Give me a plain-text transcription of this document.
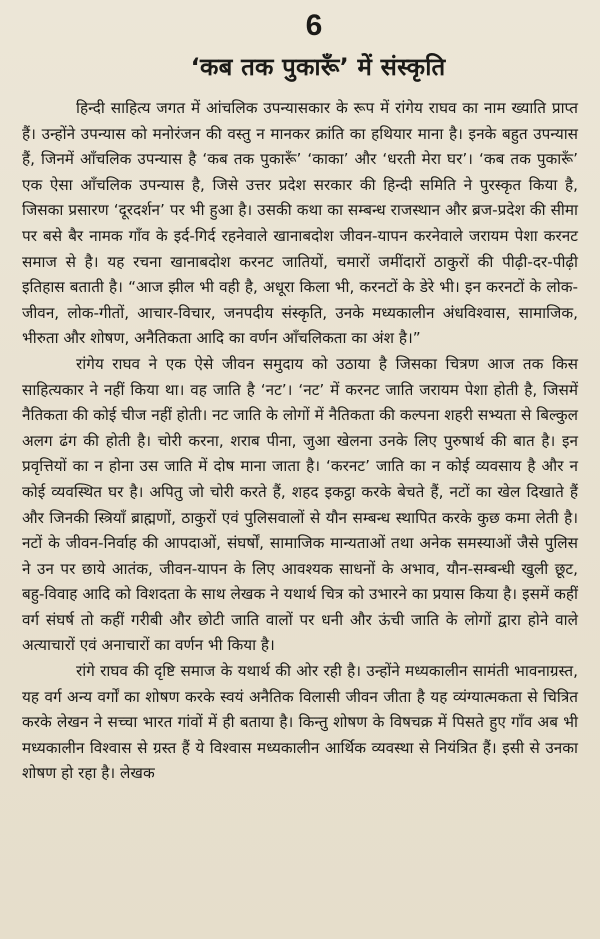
6
‘कब तक पुकारूँ’ में संस्कृति

हिन्दी साहित्य जगत में आंचलिक उपन्यासकार के रूप में रांगेय राघव का नाम ख्याति प्राप्त हैं। उन्होंने उपन्यास को मनोरंजन की वस्तु न मानकर क्रांति का हथियार माना है। इनके बहुत उपन्यास हैं, जिनमें आँचलिक उपन्यास है ‘कब तक पुकारूँ’ ‘काका’ और ‘धरती मेरा घर’। ‘कब तक पुकारूँ’ एक ऐसा आँचलिक उपन्यास है, जिसे उत्तर प्रदेश सरकार की हिन्दी समिति ने पुरस्कृत किया है, जिसका प्रसारण ‘दूरदर्शन’ पर भी हुआ है। उसकी कथा का सम्बन्ध राजस्थान और ब्रज-प्रदेश की सीमा पर बसे बैर नामक गाँव के इर्द-गिर्द रहनेवाले खानाबदोश जीवन-यापन करनेवाले जरायम पेशा करनट समाज से है। यह रचना खानाबदोश करनट जातियों, चमारों जमींदारों ठाकुरों की पीढ़ी-दर-पीढ़ी इतिहास बताती है। “आज झील भी वही है, अधूरा किला भी, करनटों के डेरे भी। इन करनटों के लोक-जीवन, लोक-गीतों, आचार-विचार, जनपदीय संस्कृति, उनके मध्यकालीन अंधविश्वास, सामाजिक, भीरुता और शोषण, अनैतिकता आदि का वर्णन आँचलिकता का अंश है।”

रांगेय राघव ने एक ऐसे जीवन समुदाय को उठाया है जिसका चित्रण आज तक किस साहित्यकार ने नहीं किया था। वह जाति है ‘नट’। ‘नट’ में करनट जाति जरायम पेशा होती है, जिसमें नैतिकता की कोई चीज नहीं होती। नट जाति के लोगों में नैतिकता की कल्पना शहरी सभ्यता से बिल्कुल अलग ढंग की होती है। चोरी करना, शराब पीना, जुआ खेलना उनके लिए पुरुषार्थ की बात है। इन प्रवृत्तियों का न होना उस जाति में दोष माना जाता है। ‘करनट’ जाति का न कोई व्यवसाय है और न कोई व्यवस्थित घर है। अपितु जो चोरी करते हैं, शहद इकट्ठा करके बेचते हैं, नटों का खेल दिखाते हैं और जिनकी स्त्रियाँ ब्राह्मणों, ठाकुरों एवं पुलिसवालों से यौन सम्बन्ध स्थापित करके कुछ कमा लेती है। नटों के जीवन-निर्वाह की आपदाओं, संघर्षों, सामाजिक मान्यताओं तथा अनेक समस्याओं जैसे पुलिस ने उन पर छाये आतंक, जीवन-यापन के लिए आवश्यक साधनों के अभाव, यौन-सम्बन्धी खुली छूट, बहु-विवाह आदि को विशदता के साथ लेखक ने यथार्थ चित्र को उभारने का प्रयास किया है। इसमें कहीं वर्ग संघर्ष तो कहीं गरीबी और छोटी जाति वालों पर धनी और ऊंची जाति के लोगों द्वारा होने वाले अत्याचारों एवं अनाचारों का वर्णन भी किया है।

रांगे राघव की दृष्टि समाज के यथार्थ की ओर रही है। उन्होंने मध्यकालीन सामंती भावनाग्रस्त, यह वर्ग अन्य वर्गों का शोषण करके स्वयं अनैतिक विलासी जीवन जीता है यह व्यंग्यात्मकता से चित्रित करके लेखन ने सच्चा भारत गांवों में ही बताया है। किन्तु शोषण के विषचक्र में पिसते हुए गाँव अब भी मध्यकालीन विश्वास से ग्रस्त हैं ये विश्वास मध्यकालीन आर्थिक व्यवस्था से नियंत्रित हैं। इसी से उनका शोषण हो रहा है। लेखक
